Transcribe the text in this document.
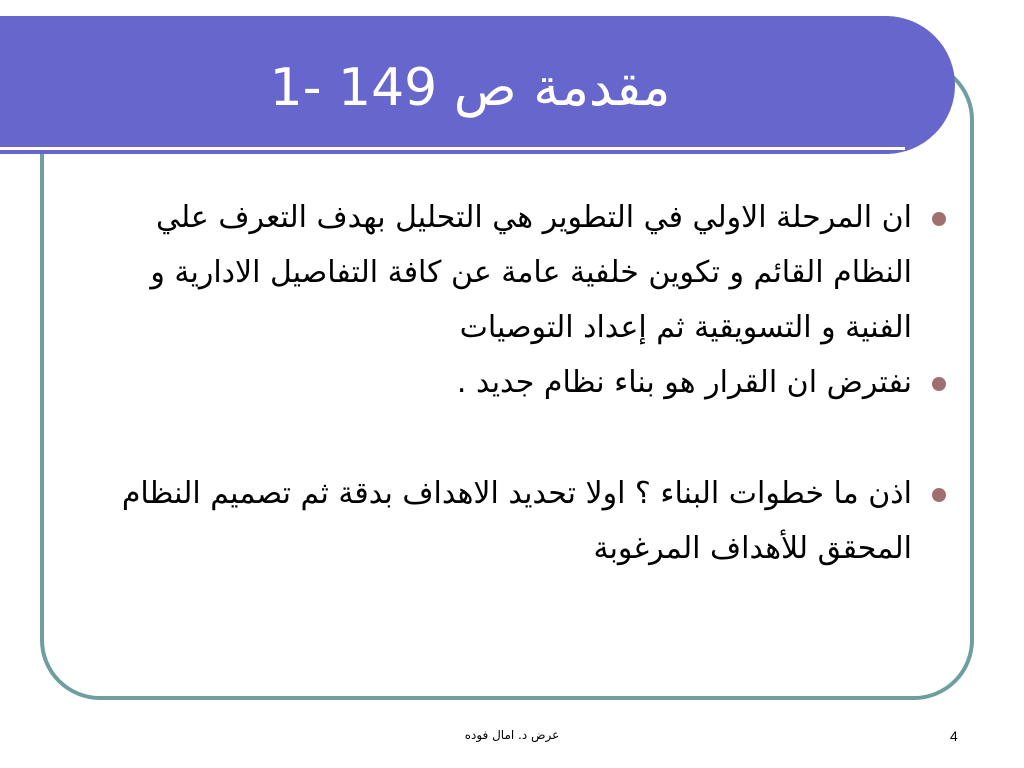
1- مقدمة ص 149
ان المرحلة الاولي في التطوير هي التحليل بهدف التعرف علي النظام القائم و تكوين خلفية عامة عن كافة التفاصيل الادارية و الفنية و التسويقية ثم إعداد التوصيات
نفترض ان القرار هو بناء نظام جديد .
اذن ما خطوات البناء ؟ اولا تحديد الاهداف بدقة ثم تصميم النظام المحقق للأهداف المرغوبة
عرض د. امال فوده	4
